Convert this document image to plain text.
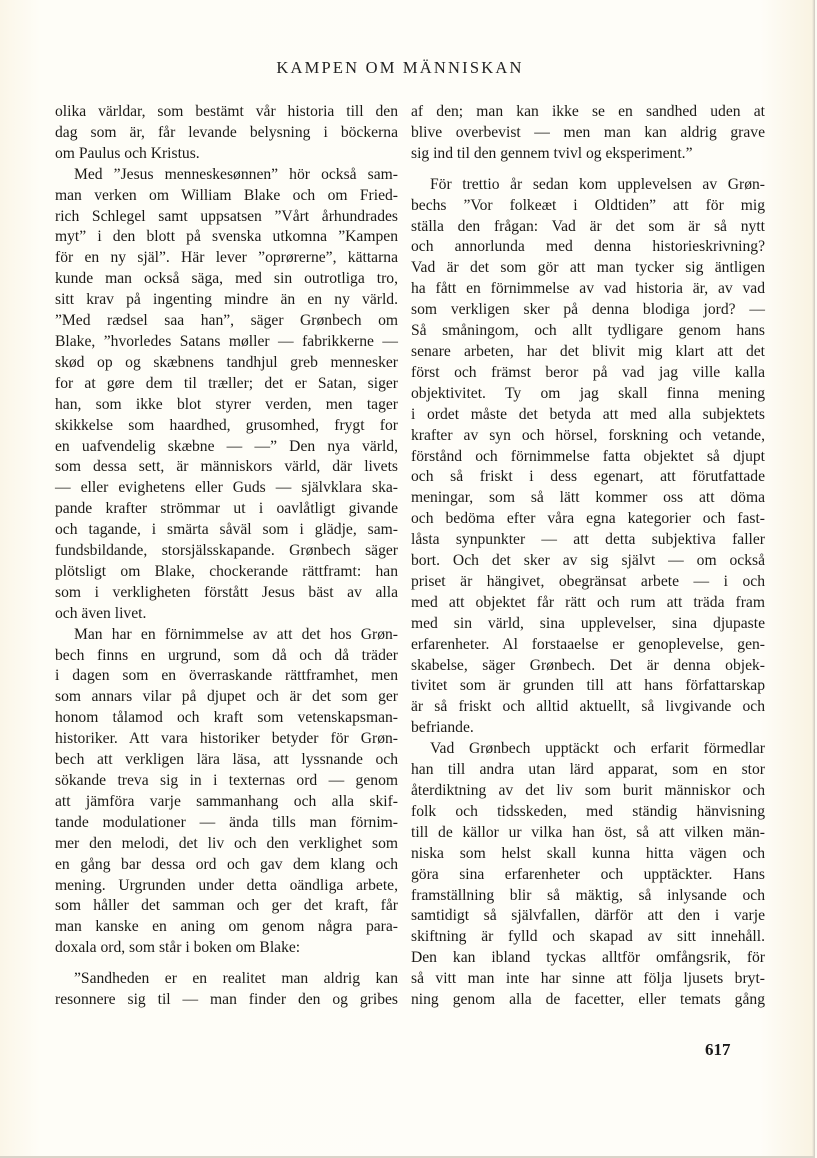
KAMPEN OM MÄNNISKAN

olika världar, som bestämt vår historia till den
dag som är, får levande belysning i böckerna
om Paulus och Kristus.

Med ”Jesus menneskesønnen” hör också sam-
man verken om William Blake och om Fried-
rich Schlegel samt uppsatsen ”Vårt århundrades
myt” i den blott på svenska utkomna ”Kampen
för en ny själ”. Här lever ”oprørerne”, kättarna
kunde man också säga, med sin outrotliga tro,
sitt krav på ingenting mindre än en ny värld.
”Med rædsel saa han”, säger Grønbech om
Blake, ”hvorledes Satans møller — fabrikkerne —
skød op og skæbnens tandhjul greb mennesker
for at gøre dem til træller; det er Satan, siger
han, som ikke blot styrer verden, men tager
skikkelse som haardhed, grusomhed, frygt for
en uafvendelig skæbne — —” Den nya värld,
som dessa sett, är människors värld, där livets
— eller evighetens eller Guds — självklara ska-
pande krafter strömmar ut i oavlåtligt givande
och tagande, i smärta såväl som i glädje, sam-
fundsbildande, storsjälsskapande. Grønbech säger
plötsligt om Blake, chockerande rättframt: han
som i verkligheten förstått Jesus bäst av alla
och även livet.

Man har en förnimmelse av att det hos Grøn-
bech finns en urgrund, som då och då träder
i dagen som en överraskande rättframhet, men
som annars vilar på djupet och är det som ger
honom tålamod och kraft som vetenskapsman-
historiker. Att vara historiker betyder för Grøn-
bech att verkligen lära läsa, att lyssnande och
sökande treva sig in i texternas ord — genom
att jämföra varje sammanhang och alla skif-
tande modulationer — ända tills man förnim-
mer den melodi, det liv och den verklighet som
en gång bar dessa ord och gav dem klang och
mening. Urgrunden under detta oändliga arbete,
som håller det samman och ger det kraft, får
man kanske en aning om genom några para-
doxala ord, som står i boken om Blake:

”Sandheden er en realitet man aldrig kan
resonnere sig til — man finder den og gribes

af den; man kan ikke se en sandhed uden at
blive overbevist — men man kan aldrig grave
sig ind til den gennem tvivl og eksperiment.”

För trettio år sedan kom upplevelsen av Grøn-
bechs ”Vor folkeæt i Oldtiden” att för mig
ställa den frågan: Vad är det som är så nytt
och annorlunda med denna historieskrivning?
Vad är det som gör att man tycker sig äntligen
ha fått en förnimmelse av vad historia är, av vad
som verkligen sker på denna blodiga jord? —
Så småningom, och allt tydligare genom hans
senare arbeten, har det blivit mig klart att det
först och främst beror på vad jag ville kalla
objektivitet. Ty om jag skall finna mening
i ordet måste det betyda att med alla subjektets
krafter av syn och hörsel, forskning och vetande,
förstånd och förnimmelse fatta objektet så djupt
och så friskt i dess egenart, att förutfattade
meningar, som så lätt kommer oss att döma
och bedöma efter våra egna kategorier och fast-
låsta synpunkter — att detta subjektiva faller
bort. Och det sker av sig självt — om också
priset är hängivet, obegränsat arbete — i och
med att objektet får rätt och rum att träda fram
med sin värld, sina upplevelser, sina djupaste
erfarenheter. Al forstaaelse er genoplevelse, gen-
skabelse, säger Grønbech. Det är denna objek-
tivitet som är grunden till att hans författarskap
är så friskt och alltid aktuellt, så livgivande och
befriande.

Vad Grønbech upptäckt och erfarit förmedlar
han till andra utan lärd apparat, som en stor
återdiktning av det liv som burit människor och
folk och tidsskeden, med ständig hänvisning
till de källor ur vilka han öst, så att vilken män-
niska som helst skall kunna hitta vägen och
göra sina erfarenheter och upptäckter. Hans
framställning blir så mäktig, så inlysande och
samtidigt så självfallen, därför att den i varje
skiftning är fylld och skapad av sitt innehåll.
Den kan ibland tyckas alltför omfångsrik, för
så vitt man inte har sinne att följa ljusets bryt-
ning genom alla de facetter, eller temats gång

617
